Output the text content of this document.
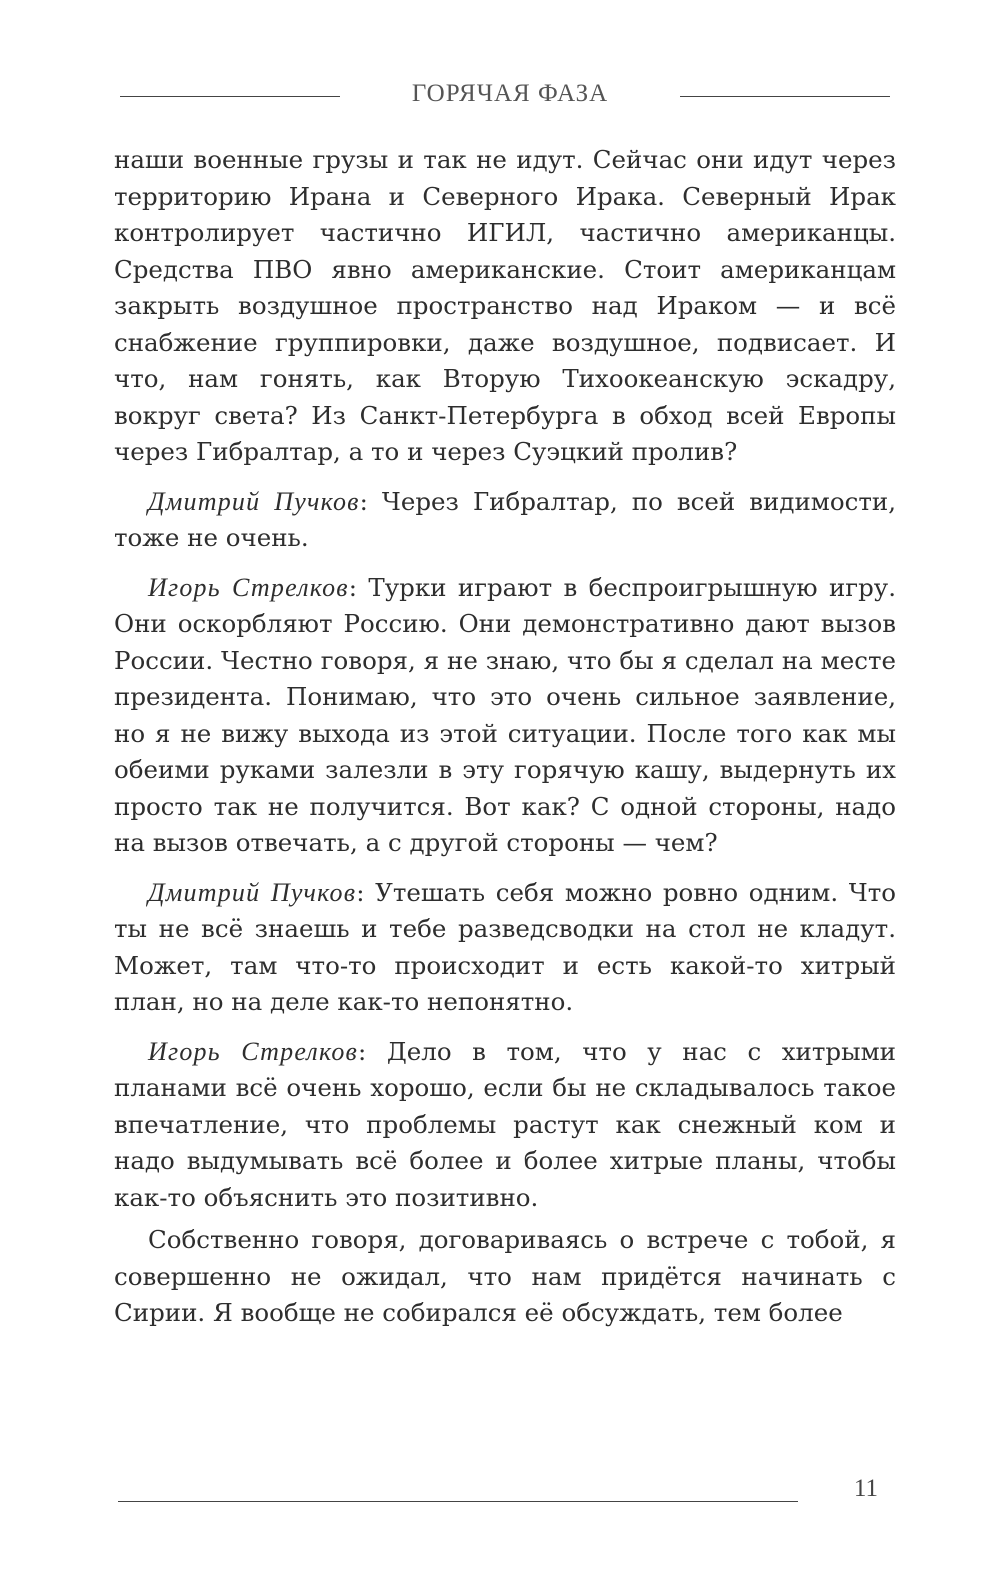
ГОРЯЧАЯ ФАЗА

наши военные грузы и так не идут. Сейчас они идут через территорию Ирана и Северного Ирака. Северный Ирак контролирует частично ИГИЛ, частично американцы. Средства ПВО явно американские. Стоит американцам закрыть воздушное пространство над Ираком — и всё снабжение группировки, даже воздушное, подвисает. И что, нам гонять, как Вторую Тихоокеанскую эскадру, вокруг света? Из Санкт-Петербурга в обход всей Европы через Гибралтар, а то и через Суэцкий пролив?

Дмитрий Пучков: Через Гибралтар, по всей видимости, тоже не очень.

Игорь Стрелков: Турки играют в беспроигрышную игру. Они оскорбляют Россию. Они демонстративно дают вызов России. Честно говоря, я не знаю, что бы я сделал на месте президента. Понимаю, что это очень сильное заявление, но я не вижу выхода из этой ситуации. После того как мы обеими руками залезли в эту горячую кашу, выдернуть их просто так не получится. Вот как? С одной стороны, надо на вызов отвечать, а с другой стороны — чем?

Дмитрий Пучков: Утешать себя можно ровно одним. Что ты не всё знаешь и тебе разведсводки на стол не кладут. Может, там что-то происходит и есть какой-то хитрый план, но на деле как-то непонятно.

Игорь Стрелков: Дело в том, что у нас с хитрыми планами всё очень хорошо, если бы не складывалось такое впечатление, что проблемы растут как снежный ком и надо выдумывать всё более и более хитрые планы, чтобы как-то объяснить это позитивно.

Собственно говоря, договариваясь о встрече с тобой, я совершенно не ожидал, что нам придётся начинать с Сирии. Я вообще не собирался её обсуждать, тем более

11
